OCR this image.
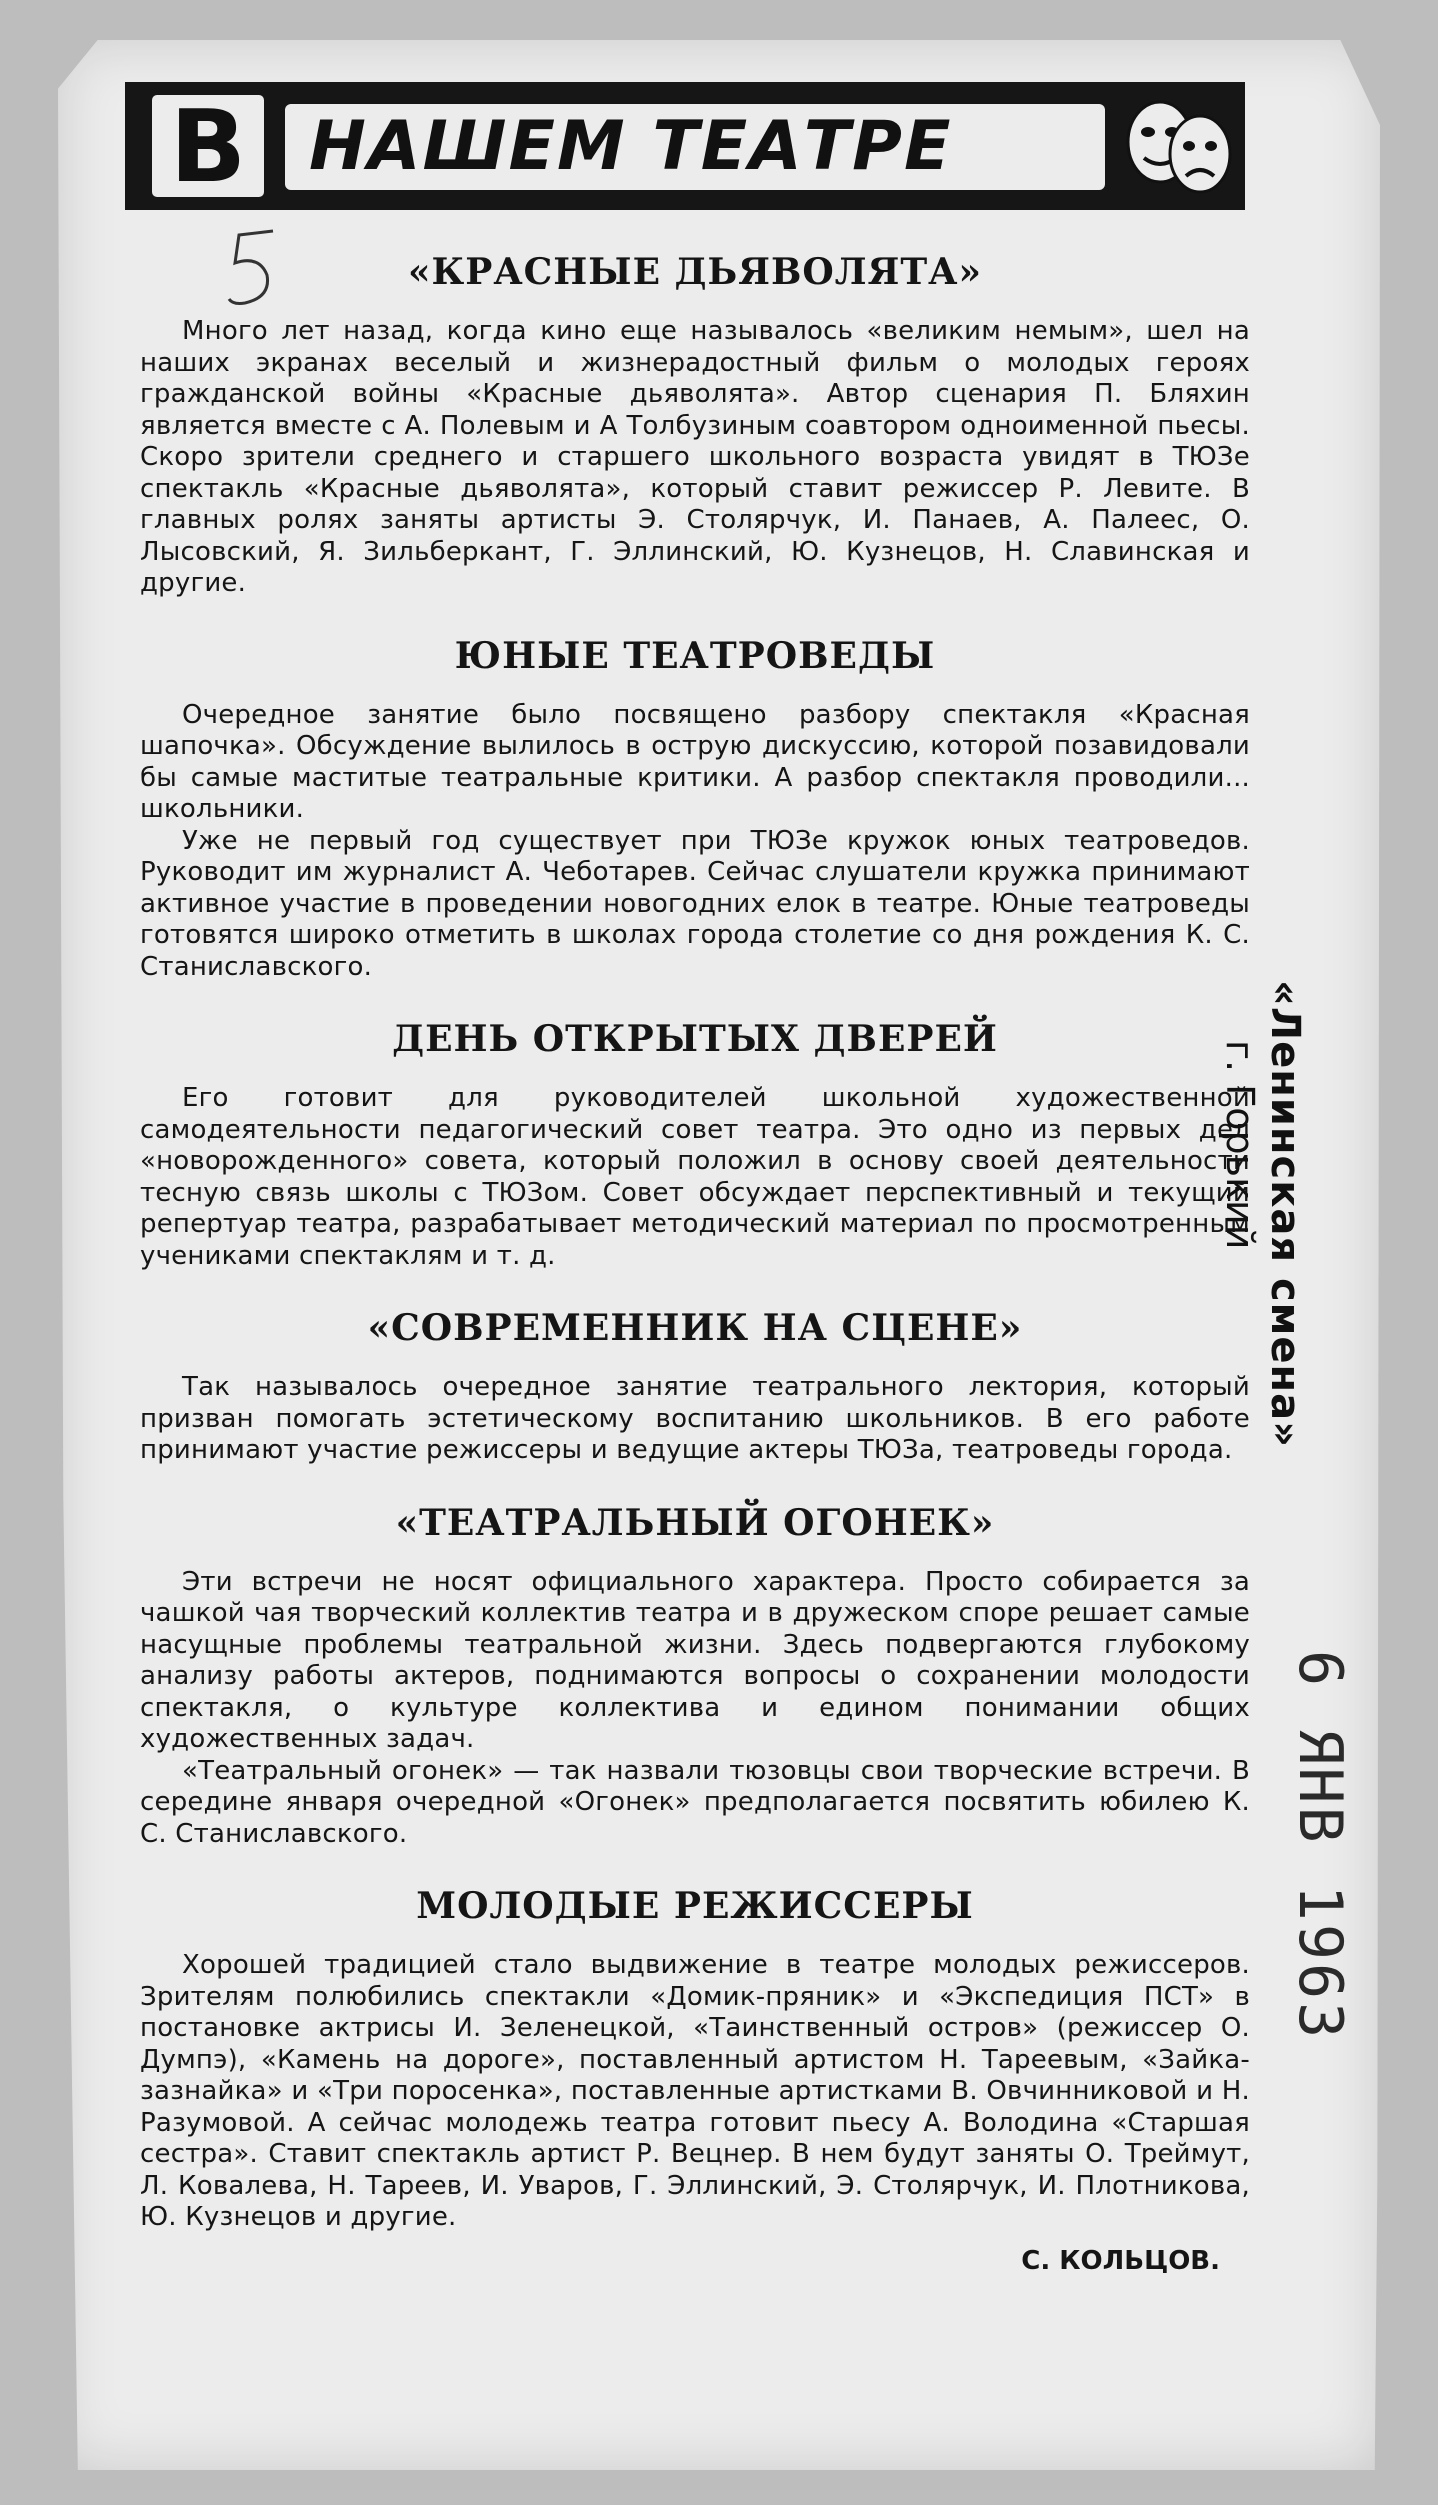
В НАШЕМ ТЕАТРЕ
«КРАСНЫЕ ДЬЯВОЛЯТА»

Много лет назад, когда кино еще называлось «великим немым», шел на наших экранах веселый и жизнерадостный фильм о молодых героях гражданской войны «Красные дьяволята». Автор сценария П. Бляхин является вместе с А. Полевым и А Толбузиным соавтором одноименной пьесы. Скоро зрители среднего и старшего школьного возраста увидят в ТЮЗе спектакль «Красные дьяволята», который ставит режиссер Р. Левите. В главных ролях заняты артисты Э. Столярчук, И. Панаев, А. Палеес, О. Лысовский, Я. Зильберкант, Г. Эллинский, Ю. Кузнецов, Н. Славинская и другие.

ЮНЫЕ ТЕАТРОВЕДЫ

Очередное занятие было посвящено разбору спектакля «Красная шапочка». Обсуждение вылилось в острую дискуссию, которой позавидовали бы самые маститые театральные критики. А разбор спектакля проводили... школьники.

Уже не первый год существует при ТЮЗе кружок юных театроведов. Руководит им журналист А. Чеботарев. Сейчас слушатели кружка принимают активное участие в проведении новогодних елок в театре. Юные театроведы готовятся широко отметить в школах города столетие со дня рождения К. С. Станиславского.

ДЕНЬ ОТКРЫТЫХ ДВЕРЕЙ

Его готовит для руководителей школьной художественной самодеятельности педагогический совет театра. Это одно из первых дел «новорожденного» совета, который положил в основу своей деятельности тесную связь школы с ТЮЗом. Совет обсуждает перспективный и текущий репертуар театра, разрабатывает методический материал по просмотренным учениками спектаклям и т. д.

«СОВРЕМЕННИК НА СЦЕНЕ»

Так называлось очередное занятие театрального лектория, который призван помогать эстетическому воспитанию школьников. В его работе принимают участие режиссеры и ведущие актеры ТЮЗа, театроведы города.

«ТЕАТРАЛЬНЫЙ ОГОНЕК»

Эти встречи не носят официального характера. Просто собирается за чашкой чая творческий коллектив театра и в дружеском споре решает самые насущные проблемы театральной жизни. Здесь подвергаются глубокому анализу работы актеров, поднимаются вопросы о сохранении молодости спектакля, о культуре коллектива и едином понимании общих художественных задач.

«Театральный огонек» — так назвали тюзовцы свои творческие встречи. В середине января очередной «Огонек» предполагается посвятить юбилею К. С. Станиславского.

МОЛОДЫЕ РЕЖИССЕРЫ

Хорошей традицией стало выдвижение в театре молодых режиссеров. Зрителям полюбились спектакли «Домик-пряник» и «Экспедиция ПСТ» в постановке актрисы И. Зеленецкой, «Таинственный остров» (режиссер О. Думпэ), «Камень на дороге», поставленный артистом Н. Тареевым, «Зайка-зазнайка» и «Три поросенка», поставленные артистками В. Овчинниковой и Н. Разумовой. А сейчас молодежь театра готовит пьесу А. Володина «Старшая сестра». Ставит спектакль артист Р. Вецнер. В нем будут заняты О. Треймут, Л. Ковалева, Н. Тареев, И. Уваров, Г. Эллинский, Э. Столярчук, И. Плотникова, Ю. Кузнецов и другие.

С. КОЛЬЦОВ.
«Ленинская смена»
г. Горький
6 ЯНВ 1963
